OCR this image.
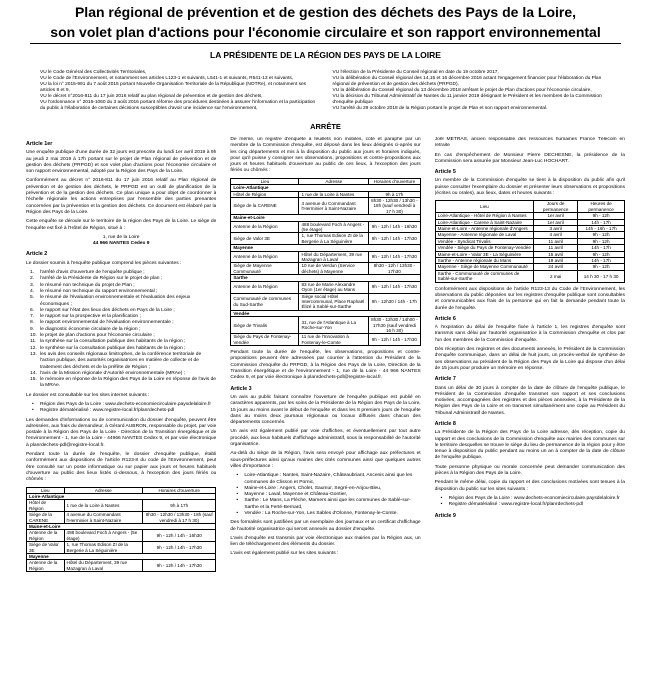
Plan régional de prévention et de gestion des déchets des Pays de la Loire,
son volet plan d'actions pour l'économie circulaire et son rapport environnemental
LA PRÉSIDENTE DE LA RÉGION DES PAYS DE LA LOIRE

VU le Code Général des Collectivités Territoriales,

VU le Code de l'Environnement, et notamment ses articles L123-1 et suivants, L541-1 et suivants, R541-13 et suivants,

VU la loi n° 2015-991 du 7 août 2015 portant Nouvelle Organisation Territoriale de la République (NOTRe), et notamment ses articles 8 et 9,

VU le décret n°2016-811 du 17 juin 2016 relatif au plan régional de prévention et de gestion des déchets,

VU l'ordonnance n° 2016-1060 du 3 août 2016 portant réforme des procédures destinées à assurer l'information et la participation du public à l'élaboration de certaines décisions susceptibles d'avoir une incidence sur l'environnement,

VU l'élection de la Présidente du Conseil régional en date du 19 octobre 2017,

VU la délibération du Conseil régional des 14,15 et 16 décembre 2016 actant l'engagement financier pour l'élaboration du Plan régional de prévention et de gestion des déchets (PRPGD),

VU la délibération du Conseil régional du 13 décembre 2018 arrêtant le projet de Plan d'actions pour l'économie circulaire,

VU la décision du Tribunal Administratif de Nantes du 11 janvier 2019 désignant le Président et les membres de la Commission d'enquête publique

VU l'arrêté du 29 octobre 2018 de la Région portant le projet de Plan et son rapport environnemental.

ARRÊTE
Article 1er

Une enquête publique d'une durée de 32 jours est prescrite du lundi 1er avril 2019 à 9h au jeudi 2 mai 2019 à 17h portant sur le projet de Plan régional de prévention et de gestion des déchets (PRPGD) et son volet plan d'actions pour l'économie circulaire et son rapport environnemental, adopté par la Région des Pays de la Loire.

Conformément au décret n° 2016-811 du 17 juin 2016 relatif au Plan régional de prévention et de gestion des déchets, le PRPGD est un outil de planification de la prévention et de la gestion des déchets. Ce plan unique a pour objet de coordonner à l'échelle régionale les actions entreprises par l'ensemble des parties prenantes concernées par la prévention et la gestion des déchets. Ce document est élaboré par la Région des Pays de la Loire.

Cette enquête se déroule sur le territoire de la région des Pays de la Loire. Le siège de l'enquête est fixé à l'Hôtel de Région, situé à :

1, rue de la Loire

44 966 NANTES Cedex 9

Article 2

Le dossier soumis à l'enquête publique comprend les pièces suivantes :

1. l'arrêté d'avis d'ouverture de l'enquête publique ;
2. l'arrêté de la Présidente de Région sur le projet de plan ;
3. le résumé non technique du projet de Plan ;
4. le résumé non technique du rapport environnemental ;
5. le résumé de l'évaluation environnementale et l'évaluation des enjeux économiques ;
6. le rapport sur l'état des lieux des déchets en Pays de la Loire ;
7. le rapport sur la prospective et la planification ;
8. le rapport environnemental de l'évaluation environnementale ;
9. le diagnostic économie circulaire de la région ;
10. le projet de plan d'actions pour l'économie circulaire ;
11. la synthèse sur la consultation publique des habitants de la région ;
12. le synthèse sur la consultation publique des habitants de la région ;
13. les avis des conseils régionaux limitrophes, de la conférence territoriale de l'action publique, des autorités organisatrices en matière de collecte et de traitement des déchets et de la préfète de Région ;
14. l'avis de la Mission régionale d'Autorité environnementale (MRAe) ;
15. le mémoire en réponse de la Région des Pays de la Loire en réponse de l'avis de la MRAe.

Le dossier est consultable sur les sites internet suivants :

• Région des Pays de la Loire : www.dechets-economiecirculaire.paysdelaloire.fr
• Registre dématérialisé : www.registre-local.fr/planrdechets-pdl

Les demandes d'informations ou de communication du dossier d'enquête, peuvent être adressées, aux frais du demandeur, à Gérard AUBRON, responsable du projet, par voie postale à la Région des Pays de la Loire - Direction de la Transition énergétique et de l'environnement - 1, rue de la Loire - 44966 NANTES Cedex 9, et par voie électronique à planrdechets-pdl@registre-local.fr.

Pendant toute la durée de l'enquête, le dossier d'enquête publique, établi conformément aux dispositions de l'article R123-8 du code de l'Environnement, peut être consulté sur un poste informatique ou sur papier aux jours et heures habituels d'ouverture au public des lieux listés ci-dessous, à l'exception des jours fériés ou chômés :

Lieu	Adresse	Horaires d'ouverture
Loire-Atlantique		
Hôtel de Région	1 rue de la Loire à Nantes	9h à 17h
Siège de la CARENE	4 avenue du Commandant l'Herminier à Saint-Nazaire	8h30 - 12h30 / 13h30 - 18h (sauf vendredi à 17 h 30)
Maine-et-Loire		
Antenne de la Région	488 boulevard Foch à Angers - (5e étage)	9h - 12h / 14h - 16h30
Siège de Valor 3E	1, rue Thomas Edison ZI de la Bergerie à La Séguinière	9h - 12h / 14h - 17h30
Mayenne		
Antenne de la Région	Hôtel du Département, 39 rue Mazagran à Laval	9h - 12h / 14h - 17h30

De même, un registre d'enquête à feuillets non mobiles, coté et paraphé par un membre de la Commission d'enquête, est déposé dans les lieux désignés ci-après sur les cinq départements et mis à la disposition du public aux jours et horaires indiqués, pour qu'il puisse y consigner ses observations, propositions et contre-propositions aux jours et heures habituels d'ouverture au public de ces lieux, à l'exception des jours fériés ou chômés :

Lieu	Adresse	Horaires d'ouverture
Loire-Atlantique		
Hôtel de Région	1 rue de la Loire à Nantes	9h à 17h
Siège de la CARENE	4 avenue du Commandant l'Herminier à Saint-Nazaire	8h30 - 12h30 / 13h30 - 18h (sauf vendredi à 17 h 30)
Maine-et-Loire		
Antenne de la Région	488 boulevard Foch à Angers - (5e étage)	9h - 12h / 14h - 16h30
Siège de Valor 3E	1, rue Thomas Edison ZI de la Bergerie à La Séguinière	9h - 12h / 14h - 17h30
Mayenne		
Antenne de la Région	Hôtel du Département, 39 rue Mazagran à Laval	9h - 12h / 14h - 17h30
Siège de Mayenne Communauté	10 rue de Verdun (Service déchets) à Mayenne	8h30 - 12h / 13h30 - 17h30
Sarthe		
Antenne de la Région	83 rue de Marie Alexandre Oyon (1er étage) au Mans	9h - 12h / 14h - 17h30
Communauté de communes du Sud-Sarthe	Siège social Hôtel Intercommunal, Place Raphaël Élizé à Sablé-sur-Sarthe	9h - 12h30 / 14h - 17h
Vendée		
Siège de Trivalis	31, rue de l'Atlantique à La Roche-sur-Yon	8h30 - 12h30 / 14h00 - 17h30 (sauf vendredi 16 h 30)
Siège du Pays de Fontenay-Vendée	11 rue de l'Innovation à Fontenay-le-Comte	9h - 12h / 14h - 17h30

Pendant toute la durée de l'enquête, les observations, propositions et contre-propositions peuvent être adressées par courrier à l'attention du Président de la Commission d'enquête du PRPGD, à la Région des Pays de la Loire, Direction de la Transition énergétique et de l'environnement - 1, rue de la Loire - 44 966 NANTES Cedex 9, et par voie électronique à planrdechets-pdl@registre-local.fr.

Article 3

Un avis au public faisant connaître l'ouverture de l'enquête publique est publié en caractères apparents, par les soins de la Présidente de la Région des Pays de la Loire, 15 jours au moins avant le début de l'enquête et dans les 8 premiers jours de l'enquête dans au moins deux journaux régionaux ou locaux diffusés dans chacun des départements concernés.

Un avis est également publié par voie d'affiches, et éventuellement par tout autre procédé, aux lieux habituels d'affichage administratif, sous la responsabilité de l'autorité organisatrice.

Au-delà du siège de la Région, l'avis sera envoyé pour affichage aux préfectures et sous-préfectures ainsi qu'aux mairies des cités communes ainsi que quelques autres villes d'importance :

• Loire-Atlantique : Nantes, Saint-Nazaire, Châteaubriant, Ancenis ainsi que les communes de Clisson et Pornic,
• Maine-et-Loire : Angers, Cholet, Saumur, Segré-en-Anjou-Bleu,
• Mayenne : Laval, Mayenne et Château-Gontier,
• Sarthe : Le Mans, La Flèche, Mamers ainsi que les communes de Sablé-sur-Sarthe et la Ferté-Bernard,
• Vendée : La Roche-sur-Yon, Les Sables d'Olonne, Fontenay-le-Comte.

Des formalités sont justifiées par un exemplaire des journaux et un certificat d'affichage de l'autorité organisatrice qui seront annexés au dossier d'enquête.

L'avis d'enquête est transmis par voie électronique aux mairies par la Région aux, un lien de téléchargement des éléments du dossier.

L'avis est également publié sur les sites suivants :

Joël METRAS, ancien responsable des ressources humaines France Télécom en retraite

En cas d'empêchement de Monsieur Pierre DECHESNE, la présidence de la Commission sera assurée par Monsieur Jean-Luc HOCHART.

Article 5

Un membre de la Commission d'enquête se tient à la disposition du public afin qu'il puisse consulter l'exemplaire du dossier et présenter leurs observations et propositions (écrites ou orales), aux lieux, dates et heures suivants :

Lieu	Jours de permanence	Heures de permanence
Loire-Atlantique - Hôtel de Région à Nantes	1er avril	9h - 12h
Loire-Atlantique - Carene à Saint-Nazaire	1er avril	14h - 17h
Maine-et-Loire - Antenne régionale d'Angers	3 avril	14h - 16h - 17h
Mayenne - Antenne régionale de Laval	4 avril	9h - 12h
Vendée - Syndicat Trivalis	11 avril	9h - 12h
Vendée - Siège du Pays de Fontenay-Vendée	11 avril	14h - 17h
Maine-et-Loire - Valor 3E - La Séguinière	15 avril	9h - 12h
Sarthe - Antenne régionale du Mans	19 avril	14h - 17h
Mayenne - Siège de Mayenne Communauté	24 avril	9h - 12h
Sarthe - Communauté de communes de Sablé-sur-Sarthe	2 mai	14 h 30 - 17 h 30

Conformément aux dispositions de l'article R123-13 du Code de l'Environnement, les observations du public déposées sur les registres d'enquête publique sont consultables et communicables aux frais de la personne qui en fait la demande pendant toute la durée de l'enquête.

Article 6

À l'expiration du délai de l'enquête fixée à l'article 1, les registres d'enquête sont transmis sans délai par l'autorité organisatrice à la Commission d'enquête et clos par l'un des membres de la Commission d'enquête.

Dès réception des registres et des documents annexés, le Président de la Commission d'enquête communique, dans un délai de huit jours, un procès-verbal de synthèse de ses observations au président de la Région des Pays de la Loire qui dispose d'un délai de 15 jours pour produire un mémoire en réponse.

Article 7

Dans un délai de 30 jours à compter de la date de clôture de l'enquête publique, le Président de la Commission d'enquête transmet son rapport et ses conclusions motivées, accompagnées des registres et des pièces annexées, à la Présidente de la Région des Pays de la Loire et en transmet simultanément une copie au Président du Tribunal Administratif de Nantes.

Article 8

La Présidente de la Région des Pays de la Loire adresse, dès réception, copie du rapport et des conclusions de la Commission d'enquête aux mairies des communes sur le territoire desquelles se trouve le siège du lieu de permanence de la région pour y être tenue à disposition du public pendant au moins un an à compter de la date de clôture de l'enquête publique.

Toute personne physique ou morale concernée peut demander communication des pièces à la Région des Pays de la Loire.

Pendant le même délai, copie du rapport et des conclusions motivées sont tenues à la disposition du public sur les sites suivants :

• Région des Pays de la Loire : www.dechets-economiecirculaire.paysdelaloire.fr
• Registre dématérialisé : www.registre-local.fr/planrdechets-pdl
Article 9
